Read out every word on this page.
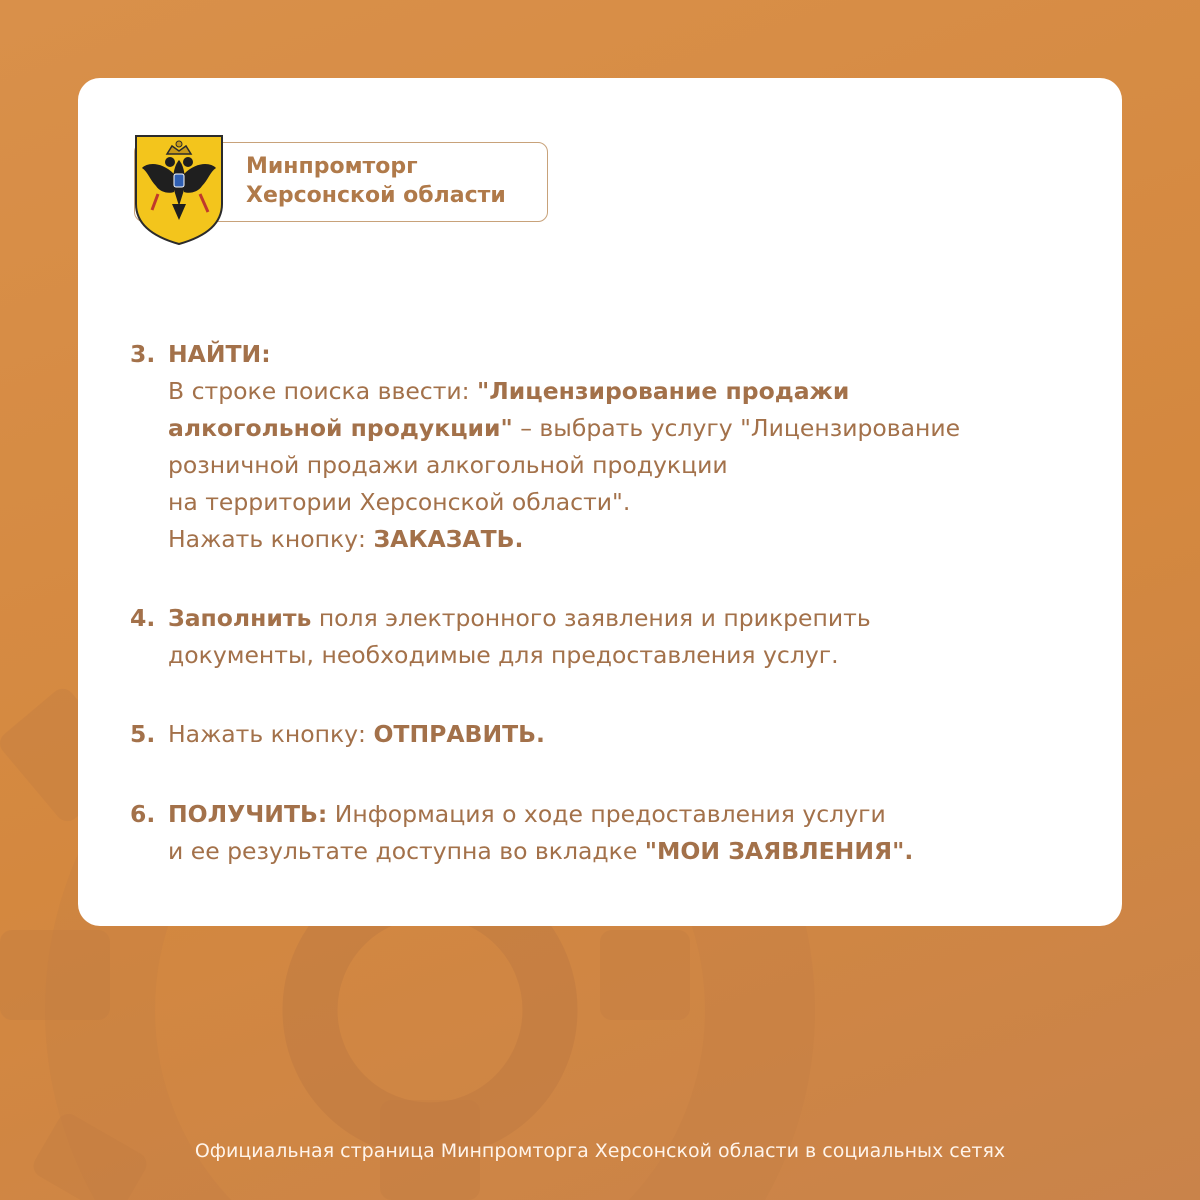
Минпромторг
Херсонской области
3. НАЙТИ:
В строке поиска ввести: "Лицензирование продажи
алкогольной продукции" – выбрать услугу "Лицензирование
розничной продажи алкогольной продукции
на территории Херсонской области".
Нажать кнопку: ЗАКАЗАТЬ.
4. Заполнить поля электронного заявления и прикрепить
документы, необходимые для предоставления услуг.
5. Нажать кнопку: ОТПРАВИТЬ.
6. ПОЛУЧИТЬ: Информация о ходе предоставления услуги
и ее результате доступна во вкладке "МОИ ЗАЯВЛЕНИЯ".
Официальная страница Минпромторга Херсонской области в социальных сетях
